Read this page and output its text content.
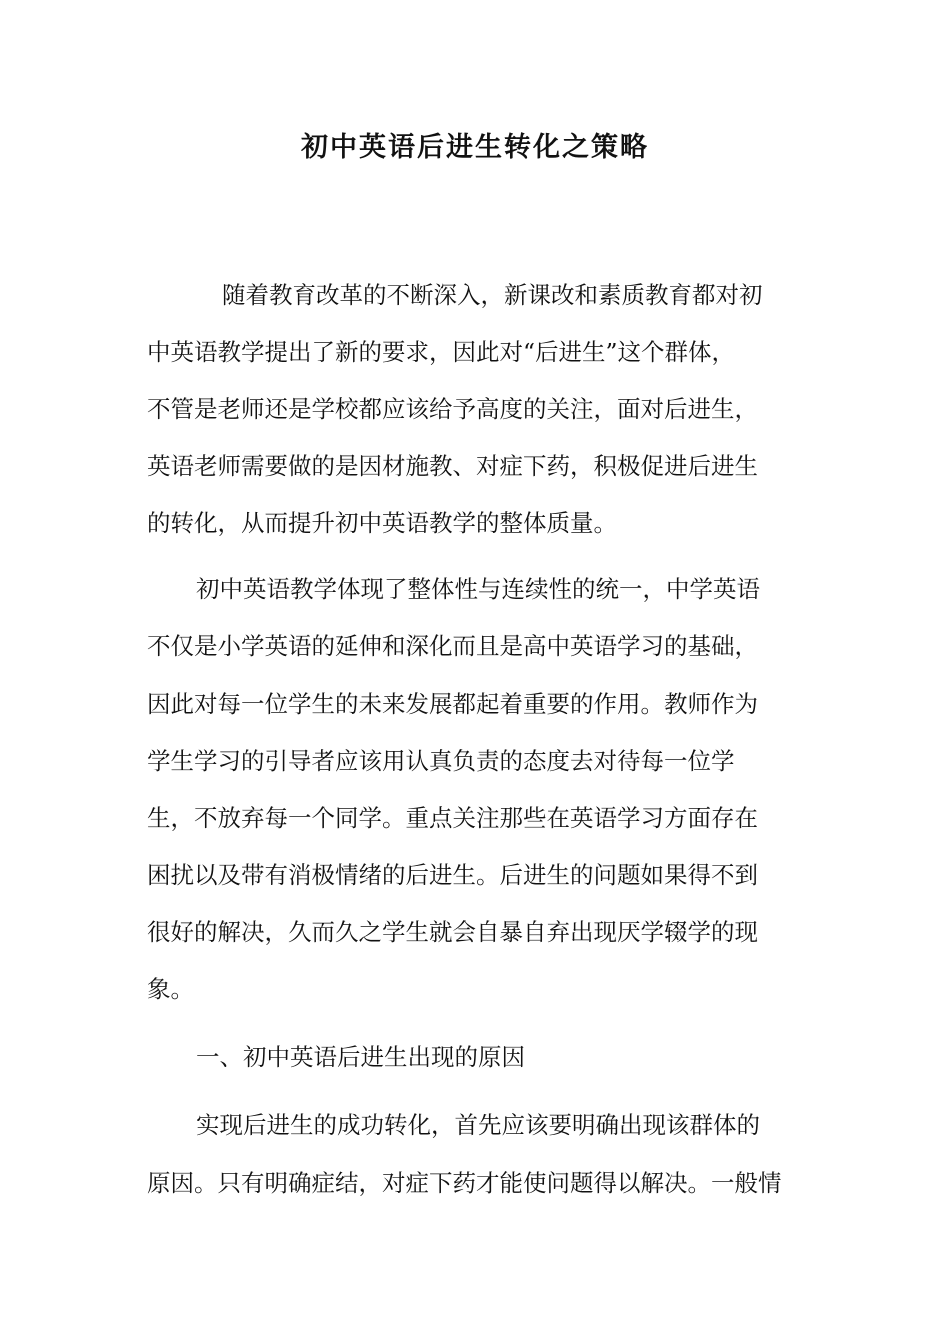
初中英语后进生转化之策略
随着教育改革的不断深入，新课改和素质教育都对初
中英语教学提出了新的要求，因此对“后进生”这个群体，
不管是老师还是学校都应该给予高度的关注，面对后进生，
英语老师需要做的是因材施教、对症下药，积极促进后进生
的转化，从而提升初中英语教学的整体质量。
初中英语教学体现了整体性与连续性的统一，中学英语
不仅是小学英语的延伸和深化而且是高中英语学习的基础，
因此对每一位学生的未来发展都起着重要的作用。教师作为
学生学习的引导者应该用认真负责的态度去对待每一位学
生，不放弃每一个同学。重点关注那些在英语学习方面存在
困扰以及带有消极情绪的后进生。后进生的问题如果得不到
很好的解决，久而久之学生就会自暴自弃出现厌学辍学的现
象。
一、初中英语后进生出现的原因
实现后进生的成功转化，首先应该要明确出现该群体的
原因。只有明确症结，对症下药才能使问题得以解决。一般情
